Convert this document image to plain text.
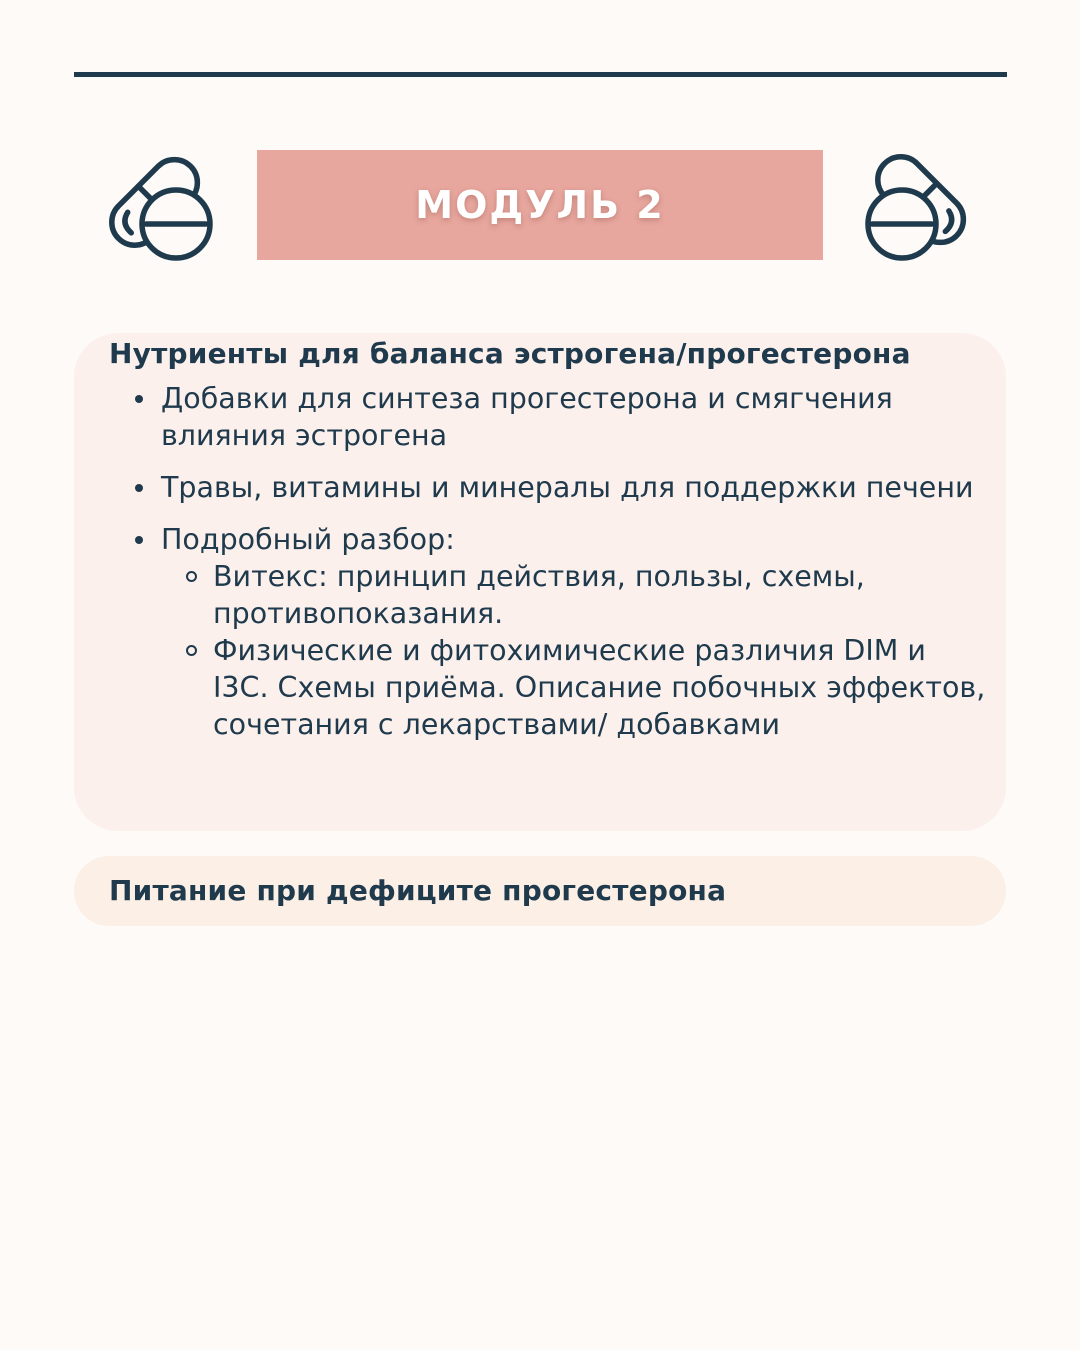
МОДУЛЬ 2
Нутриенты для баланса эстрогена/прогестерона
Добавки для синтеза прогестерона и смягчения влияния эстрогена
Травы, витамины и минералы для поддержки печени
Подробный разбор:
Витекс: принцип действия, пользы, схемы, противопоказания.
Физические и фитохимические различия DIM и I3C. Схемы приёма. Описание побочных эффектов, сочетания с лекарствами/ добавками
Питание при дефиците прогестерона
